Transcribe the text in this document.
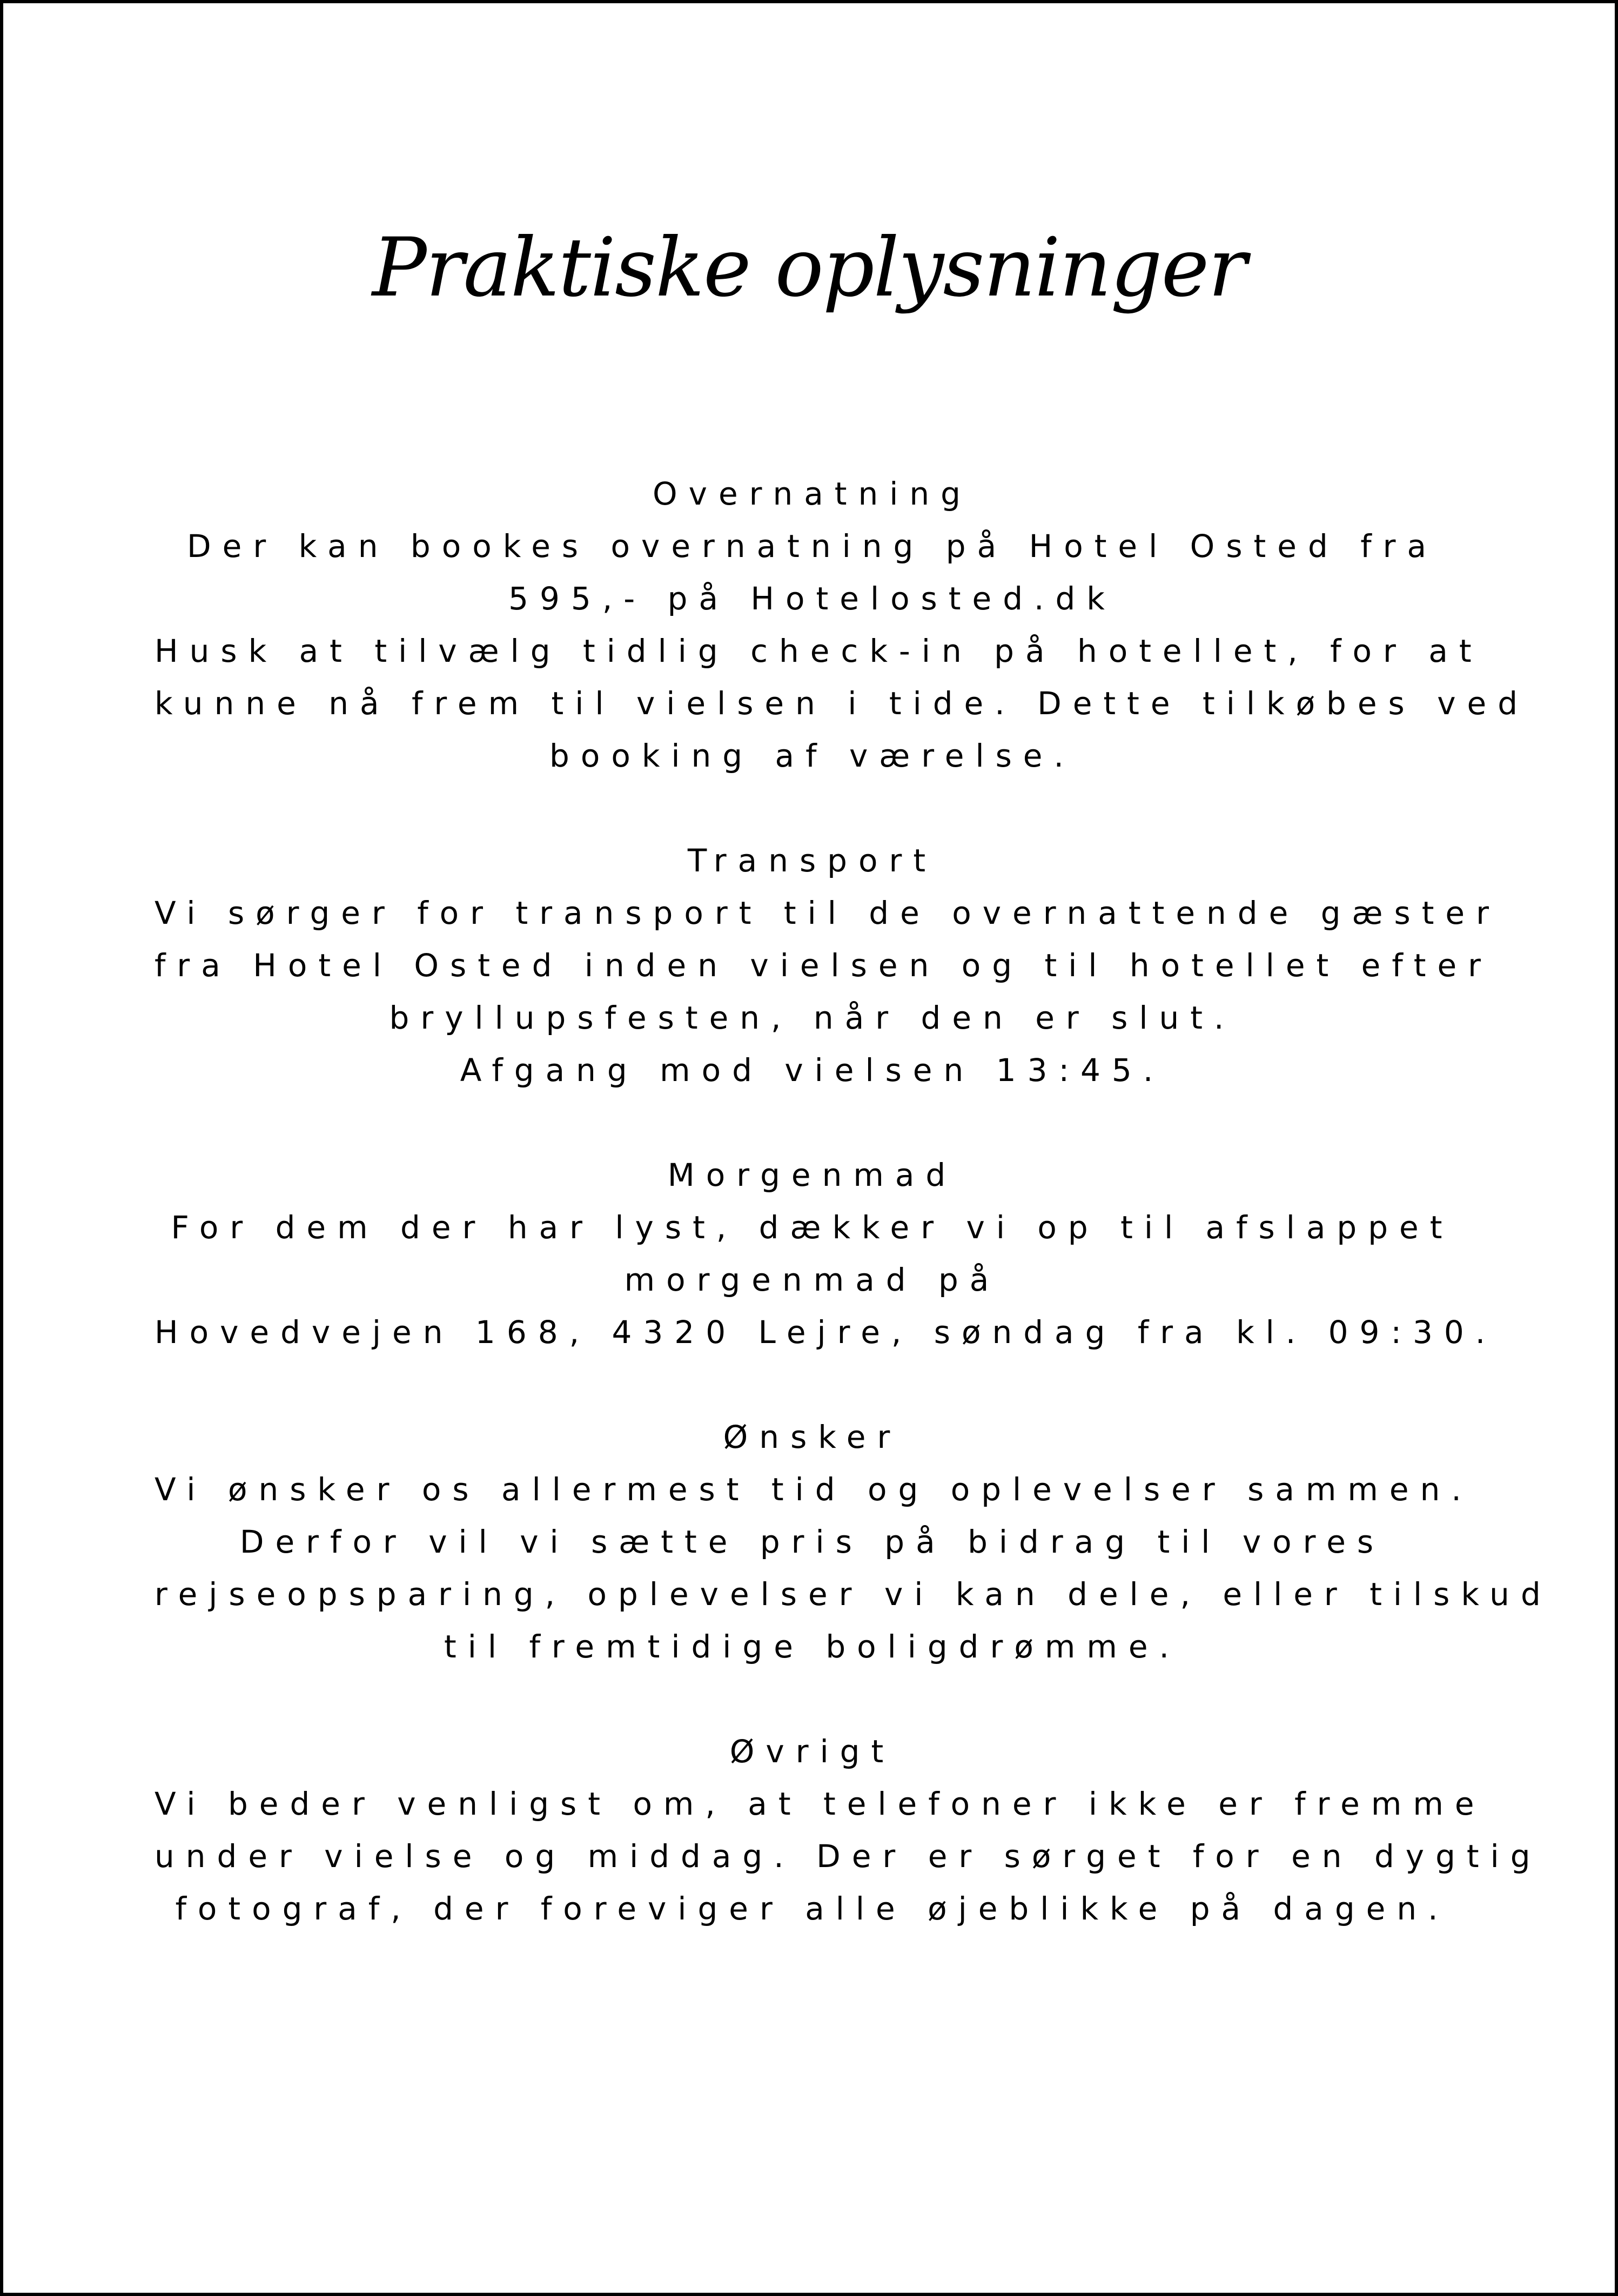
Praktiske oplysninger

Overnatning

Der kan bookes overnatning på Hotel Osted fra

595,- på Hotelosted.dk

Husk at tilvælg tidlig check-in på hotellet, for at

kunne nå frem til vielsen i tide. Dette tilkøbes ved

booking af værelse.

Transport

Vi sørger for transport til de overnattende gæster

fra Hotel Osted inden vielsen og til hotellet efter

bryllupsfesten, når den er slut.

Afgang mod vielsen 13:45.

Morgenmad

For dem der har lyst, dækker vi op til afslappet

morgenmad på

Hovedvejen 168, 4320 Lejre, søndag fra kl. 09:30.

Ønsker

Vi ønsker os allermest tid og oplevelser sammen.

Derfor vil vi sætte pris på bidrag til vores

rejseopsparing, oplevelser vi kan dele, eller tilskud

til fremtidige boligdrømme.

Øvrigt

Vi beder venligst om, at telefoner ikke er fremme

under vielse og middag. Der er sørget for en dygtig

fotograf, der foreviger alle øjeblikke på dagen.
